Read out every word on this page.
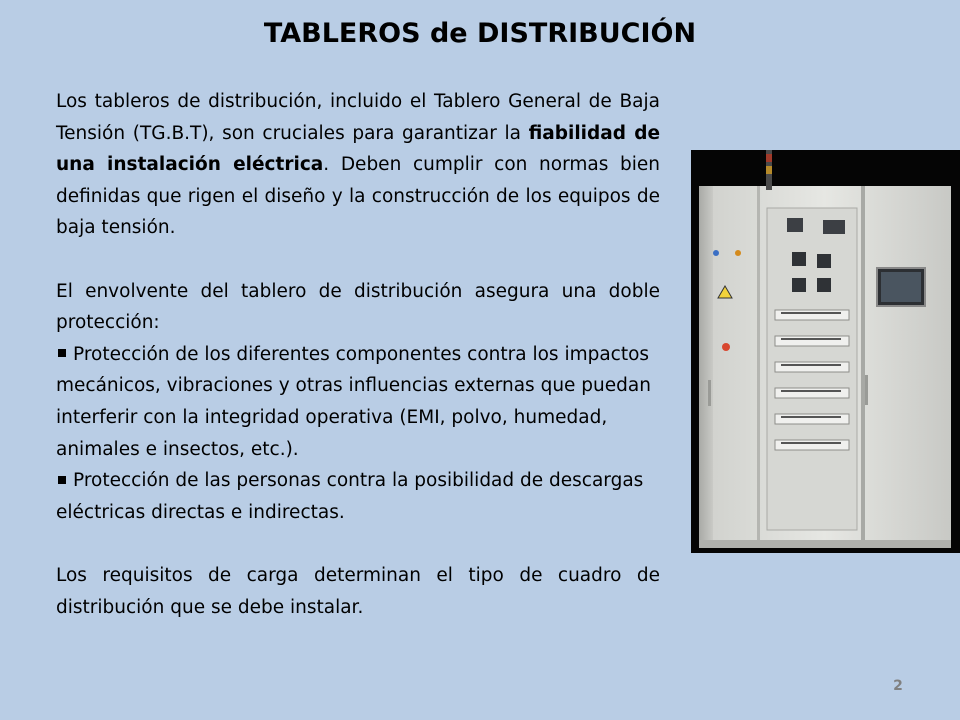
TABLEROS de DISTRIBUCIÓN

Los tableros de distribución, incluido el Tablero General de Baja Tensión (TG.B.T), son cruciales para garantizar la fiabilidad de una instalación eléctrica. Deben cumplir con normas bien definidas que rigen el diseño y la construcción de los equipos de baja tensión.

El envolvente del tablero de distribución asegura una doble protección:

Protección de los diferentes componentes contra los impactos mecánicos, vibraciones y otras influencias externas que puedan interferir con la integridad operativa (EMI, polvo, humedad, animales e insectos, etc.).

Protección de las personas contra la posibilidad de descargas eléctricas directas e indirectas.

Los requisitos de carga determinan el tipo de cuadro de distribución que se debe instalar.

2
